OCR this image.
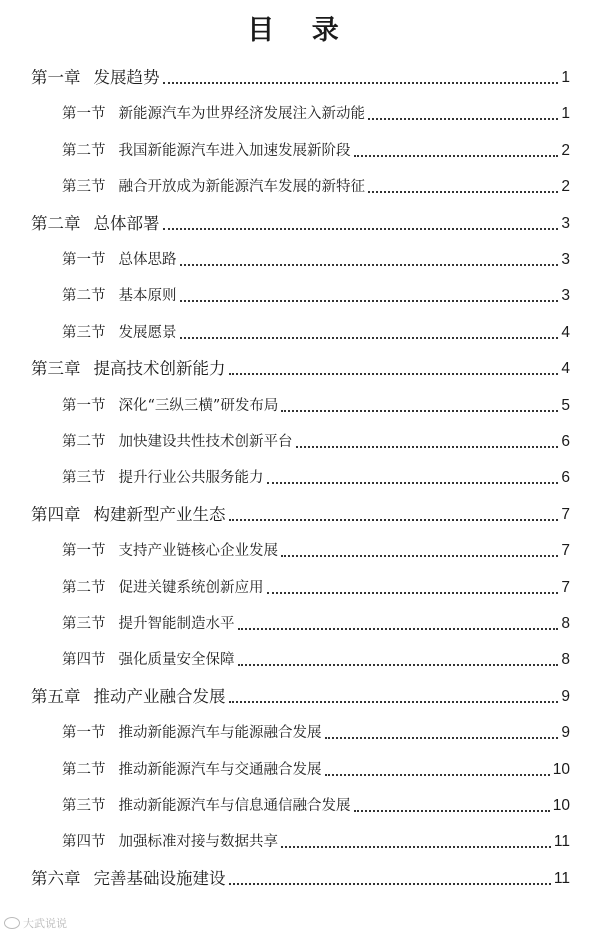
目 录
第一章 发展趋势	1
第一节 新能源汽车为世界经济发展注入新动能	1
第二节 我国新能源汽车进入加速发展新阶段	2
第三节 融合开放成为新能源汽车发展的新特征	2
第二章 总体部署	3
第一节 总体思路	3
第二节 基本原则	3
第三节 发展愿景	4
第三章 提高技术创新能力	4
第一节 深化“三纵三横”研发布局	5
第二节 加快建设共性技术创新平台	6
第三节 提升行业公共服务能力	6
第四章 构建新型产业生态	7
第一节 支持产业链核心企业发展	7
第二节 促进关键系统创新应用	7
第三节 提升智能制造水平	8
第四节 强化质量安全保障	8
第五章 推动产业融合发展	9
第一节 推动新能源汽车与能源融合发展	9
第二节 推动新能源汽车与交通融合发展	10
第三节 推动新能源汽车与信息通信融合发展	10
第四节 加强标准对接与数据共享	11
第六章 完善基础设施建设	11
大武说说
